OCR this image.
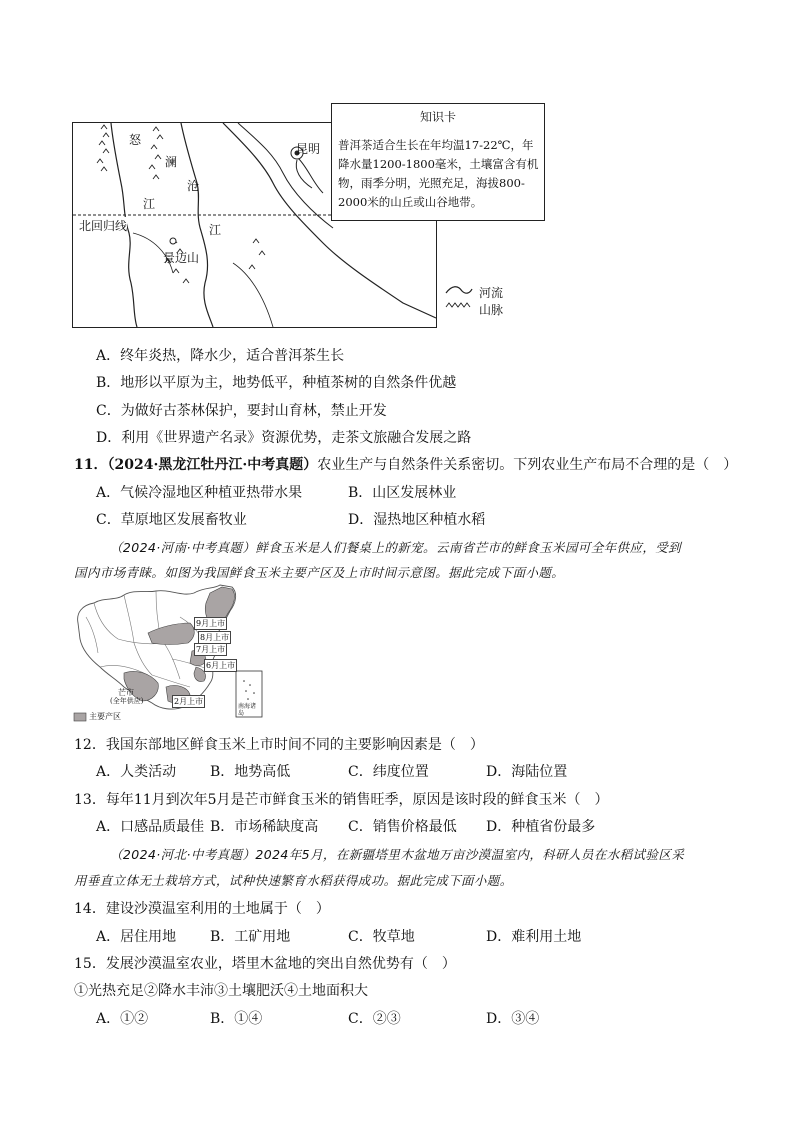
怒
澜
沧
江
江
北回归线
景迈山
昆明
知识卡
普洱茶适合生长在年均温17-22℃，年降水量1200-1800毫米，土壤富含有机物，雨季分明，光照充足，海拔800-2000米的山丘或山谷地带。
河流
山脉
A．终年炎热，降水少，适合普洱茶生长
B．地形以平原为主，地势低平，种植茶树的自然条件优越
C．为做好古茶林保护，要封山育林，禁止开发
D．利用《世界遗产名录》资源优势，走茶文旅融合发展之路
11．（2024·黑龙江牡丹江·中考真题）农业生产与自然条件关系密切。下列农业生产布局不合理的是（　）
A．气候冷湿地区种植亚热带水果	B．山区发展林业
C．草原地区发展畜牧业	D．湿热地区种植水稻
（2024·河南·中考真题）鲜食玉米是人们餐桌上的新宠。云南省芒市的鲜食玉米园可全年供应，受到
国内市场青睐。如图为我国鲜食玉米主要产区及上市时间示意图。据此完成下面小题。
9月上市
8月上市
7月上市
6月上市
芒市
(全年供应)	2月上市
南海诸岛
主要产区
12．我国东部地区鲜食玉米上市时间不同的主要影响因素是（　）
A．人类活动 B．地势高低	C．纬度位置	D．海陆位置
13．每年11月到次年5月是芒市鲜食玉米的销售旺季，原因是该时段的鲜食玉米（　）
A．口感品质最佳 B．市场稀缺度高 C．销售价格最低 D．种植省份最多
（2024·河北·中考真题）2024年5月，在新疆塔里木盆地万亩沙漠温室内，科研人员在水稻试验区采
用垂直立体无土栽培方式，试种快速繁育水稻获得成功。据此完成下面小题。
14．建设沙漠温室利用的土地属于（　）
A．居住用地 B．工矿用地	C．牧草地	D．难利用土地
15．发展沙漠温室农业，塔里木盆地的突出自然优势有（　）
①光热充足②降水丰沛③土壤肥沃④土地面积大
A．①②	B．①④	C．②③	D．③④
